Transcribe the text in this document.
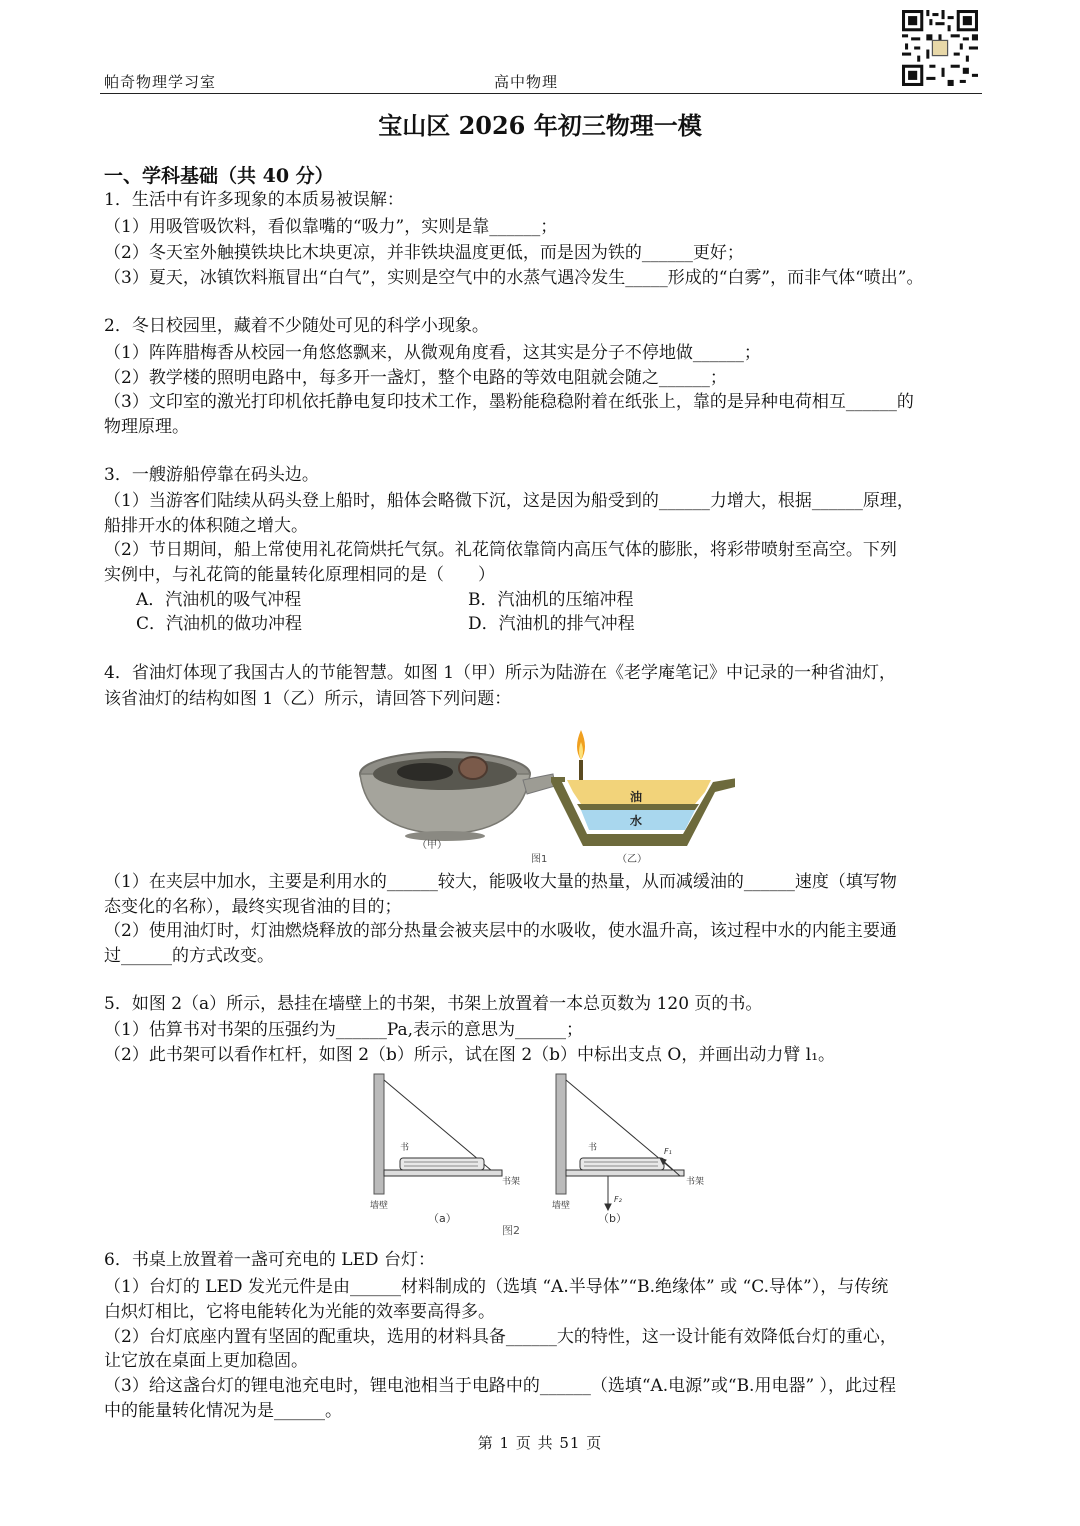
帕奇物理学习室	高中物理
宝山区 2026 年初三物理一模
一、学科基础（共 40 分）
1．生活中有许多现象的本质易被误解：
（1）用吸管吸饮料，看似靠嘴的“吸力”，实则是靠______；
（2）冬天室外触摸铁块比木块更凉，并非铁块温度更低，而是因为铁的______更好；
（3）夏天，冰镇饮料瓶冒出“白气”，实则是空气中的水蒸气遇冷发生_____形成的“白雾”，而非气体“喷出”。
2．冬日校园里，藏着不少随处可见的科学小现象。
（1）阵阵腊梅香从校园一角悠悠飘来，从微观角度看，这其实是分子不停地做______；
（2）教学楼的照明电路中，每多开一盏灯，整个电路的等效电阻就会随之______；
（3）文印室的激光打印机依托静电复印技术工作，墨粉能稳稳附着在纸张上，靠的是异种电荷相互______的
物理原理。
3．一艘游船停靠在码头边。
（1）当游客们陆续从码头登上船时，船体会略微下沉，这是因为船受到的______力增大，根据______原理，
船排开水的体积随之增大。
（2）节日期间，船上常使用礼花筒烘托气氛。礼花筒依靠筒内高压气体的膨胀，将彩带喷射至高空。下列
实例中，与礼花筒的能量转化原理相同的是（　　）
A．汽油机的吸气冲程	B．汽油机的压缩冲程
C．汽油机的做功冲程	D．汽油机的排气冲程
4．省油灯体现了我国古人的节能智慧。如图 1（甲）所示为陆游在《老学庵笔记》中记录的一种省油灯，
该省油灯的结构如图 1（乙）所示，请回答下列问题：
（甲）
图1
油
水
（乙）
（1）在夹层中加水，主要是利用水的______较大，能吸收大量的热量，从而减缓油的______速度（填写物
态变化的名称），最终实现省油的目的；
（2）使用油灯时，灯油燃烧释放的部分热量会被夹层中的水吸收，使水温升高，该过程中水的内能主要通
过______的方式改变。
5．如图 2（a）所示，悬挂在墙壁上的书架，书架上放置着一本总页数为 120 页的书。
（1）估算书对书架的压强约为______Pa,表示的意思为______；
（2）此书架可以看作杠杆，如图 2（b）所示，试在图 2（b）中标出支点 O，并画出动力臂 l₁。
书
书架
墙壁
（a）
书
书架
墙壁
F₁
F₂
（b）
图2
6．书桌上放置着一盏可充电的 LED 台灯：
（1）台灯的 LED 发光元件是由______材料制成的（选填 “A.半导体”“B.绝缘体” 或 “C.导体”），与传统
白炽灯相比，它将电能转化为光能的效率要高得多。
（2）台灯底座内置有坚固的配重块，选用的材料具备______大的特性，这一设计能有效降低台灯的重心，
让它放在桌面上更加稳固。
（3）给这盏台灯的锂电池充电时，锂电池相当于电路中的______（选填“A.电源”或“B.用电器” ），此过程
中的能量转化情况为是______。
第 1 页 共 51 页
